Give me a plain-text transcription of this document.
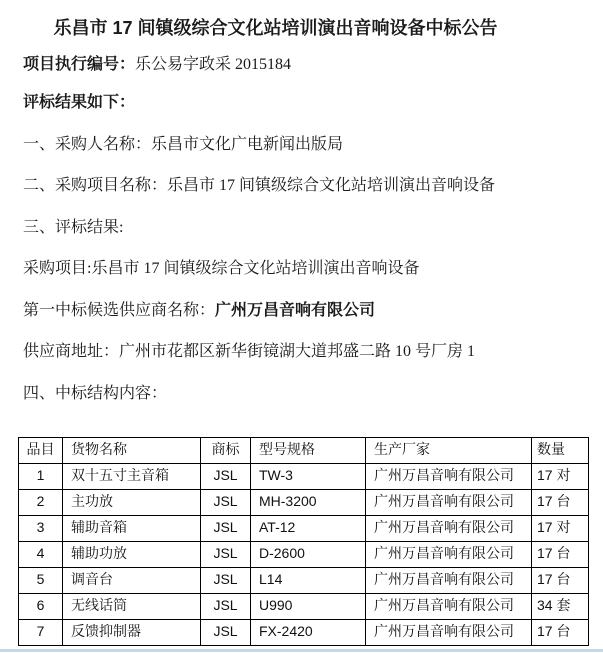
乐昌市 17 间镇级综合文化站培训演出音响设备中标公告
项目执行编号：乐公易字政采 2015184
评标结果如下：
一、采购人名称：乐昌市文化广电新闻出版局
二、采购项目名称：乐昌市 17 间镇级综合文化站培训演出音响设备
三、评标结果:
采购项目:乐昌市 17 间镇级综合文化站培训演出音响设备
第一中标候选供应商名称：广州万昌音响有限公司
供应商地址：广州市花都区新华街镜湖大道邦盛二路 10 号厂房 1
四、中标结构内容：
品目	货物名称	商标	型号规格	生产厂家	数量
1	双十五寸主音箱	JSL	TW-3	广州万昌音响有限公司	17 对
2	主功放	JSL	MH-3200	广州万昌音响有限公司	17 台
3	辅助音箱	JSL	AT-12	广州万昌音响有限公司	17 对
4	辅助功放	JSL	D-2600	广州万昌音响有限公司	17 台
5	调音台	JSL	L14	广州万昌音响有限公司	17 台
6	无线话筒	JSL	U990	广州万昌音响有限公司	34 套
7	反馈抑制器	JSL	FX-2420	广州万昌音响有限公司	17 台
